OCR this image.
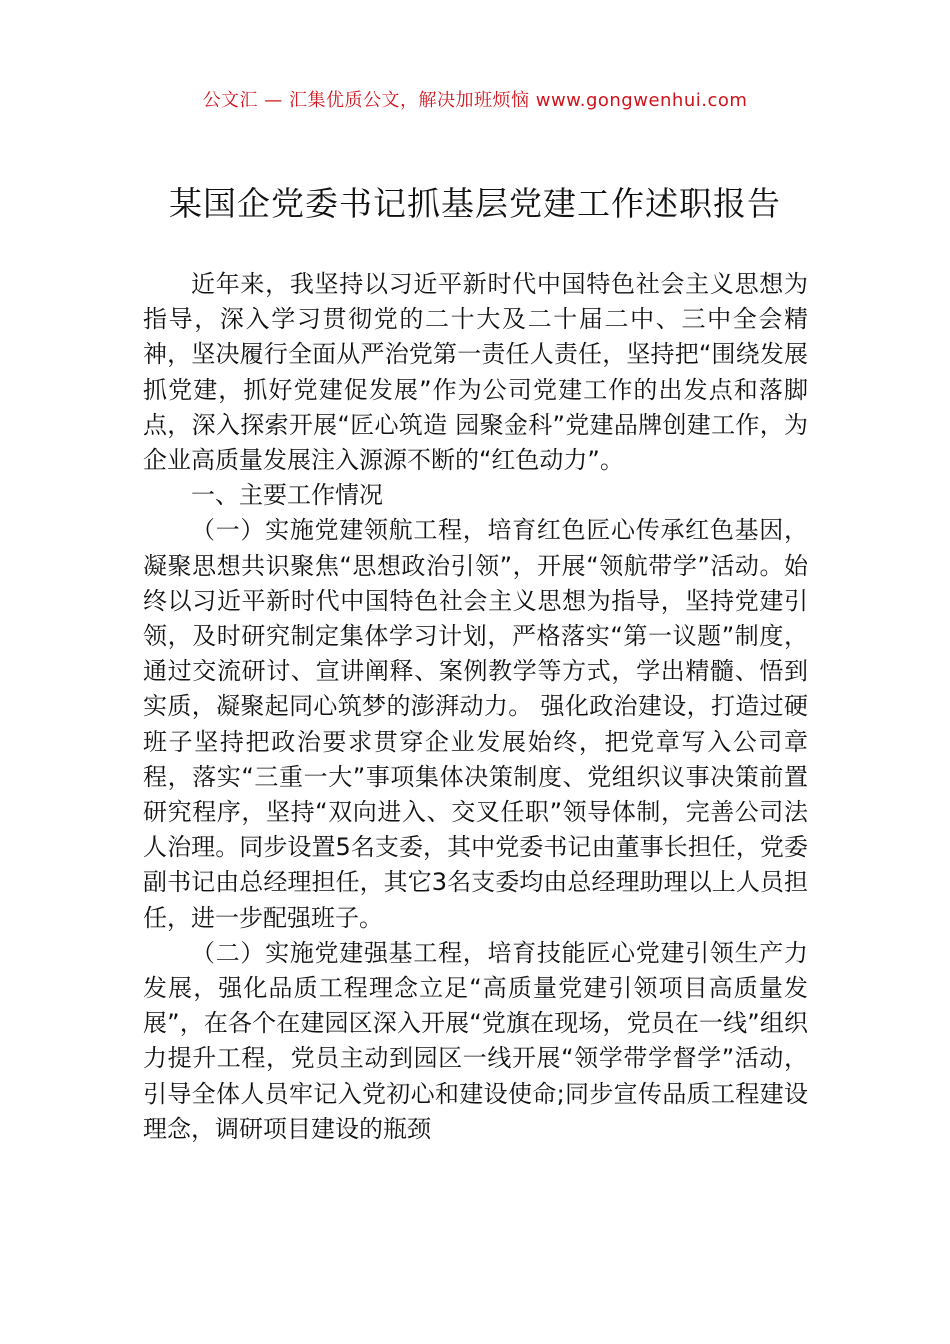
公文汇 — 汇集优质公文，解决加班烦恼 www.gongwenhui.com
某国企党委书记抓基层党建工作述职报告

近年来，我坚持以习近平新时代中国特色社会主义思想为指导，深入学习贯彻党的二十大及二十届二中、三中全会精神，坚决履行全面从严治党第一责任人责任，坚持把“围绕发展抓党建，抓好党建促发展”作为公司党建工作的出发点和落脚点，深入探索开展“匠心筑造 园聚金科”党建品牌创建工作，为企业高质量发展注入源源不断的“红色动力”。

一、主要工作情况

（一）实施党建领航工程，培育红色匠心传承红色基因，凝聚思想共识聚焦“思想政治引领”，开展“领航带学”活动。始终以习近平新时代中国特色社会主义思想为指导，坚持党建引领，及时研究制定集体学习计划，严格落实“第一议题”制度，通过交流研讨、宣讲阐释、案例教学等方式，学出精髓、悟到实质，凝聚起同心筑梦的澎湃动力。 强化政治建设，打造过硬班子坚持把政治要求贯穿企业发展始终，把党章写入公司章程，落实“三重一大”事项集体决策制度、党组织议事决策前置研究程序，坚持“双向进入、交叉任职”领导体制，完善公司法人治理。同步设置5名支委，其中党委书记由董事长担任，党委副书记由总经理担任，其它3名支委均由总经理助理以上人员担任，进一步配强班子。

（二）实施党建强基工程，培育技能匠心党建引领生产力发展，强化品质工程理念立足“高质量党建引领项目高质量发展”，在各个在建园区深入开展“党旗在现场，党员在一线”组织力提升工程，党员主动到园区一线开展“领学带学督学”活动，引导全体人员牢记入党初心和建设使命;同步宣传品质工程建设理念，调研项目建设的瓶颈
